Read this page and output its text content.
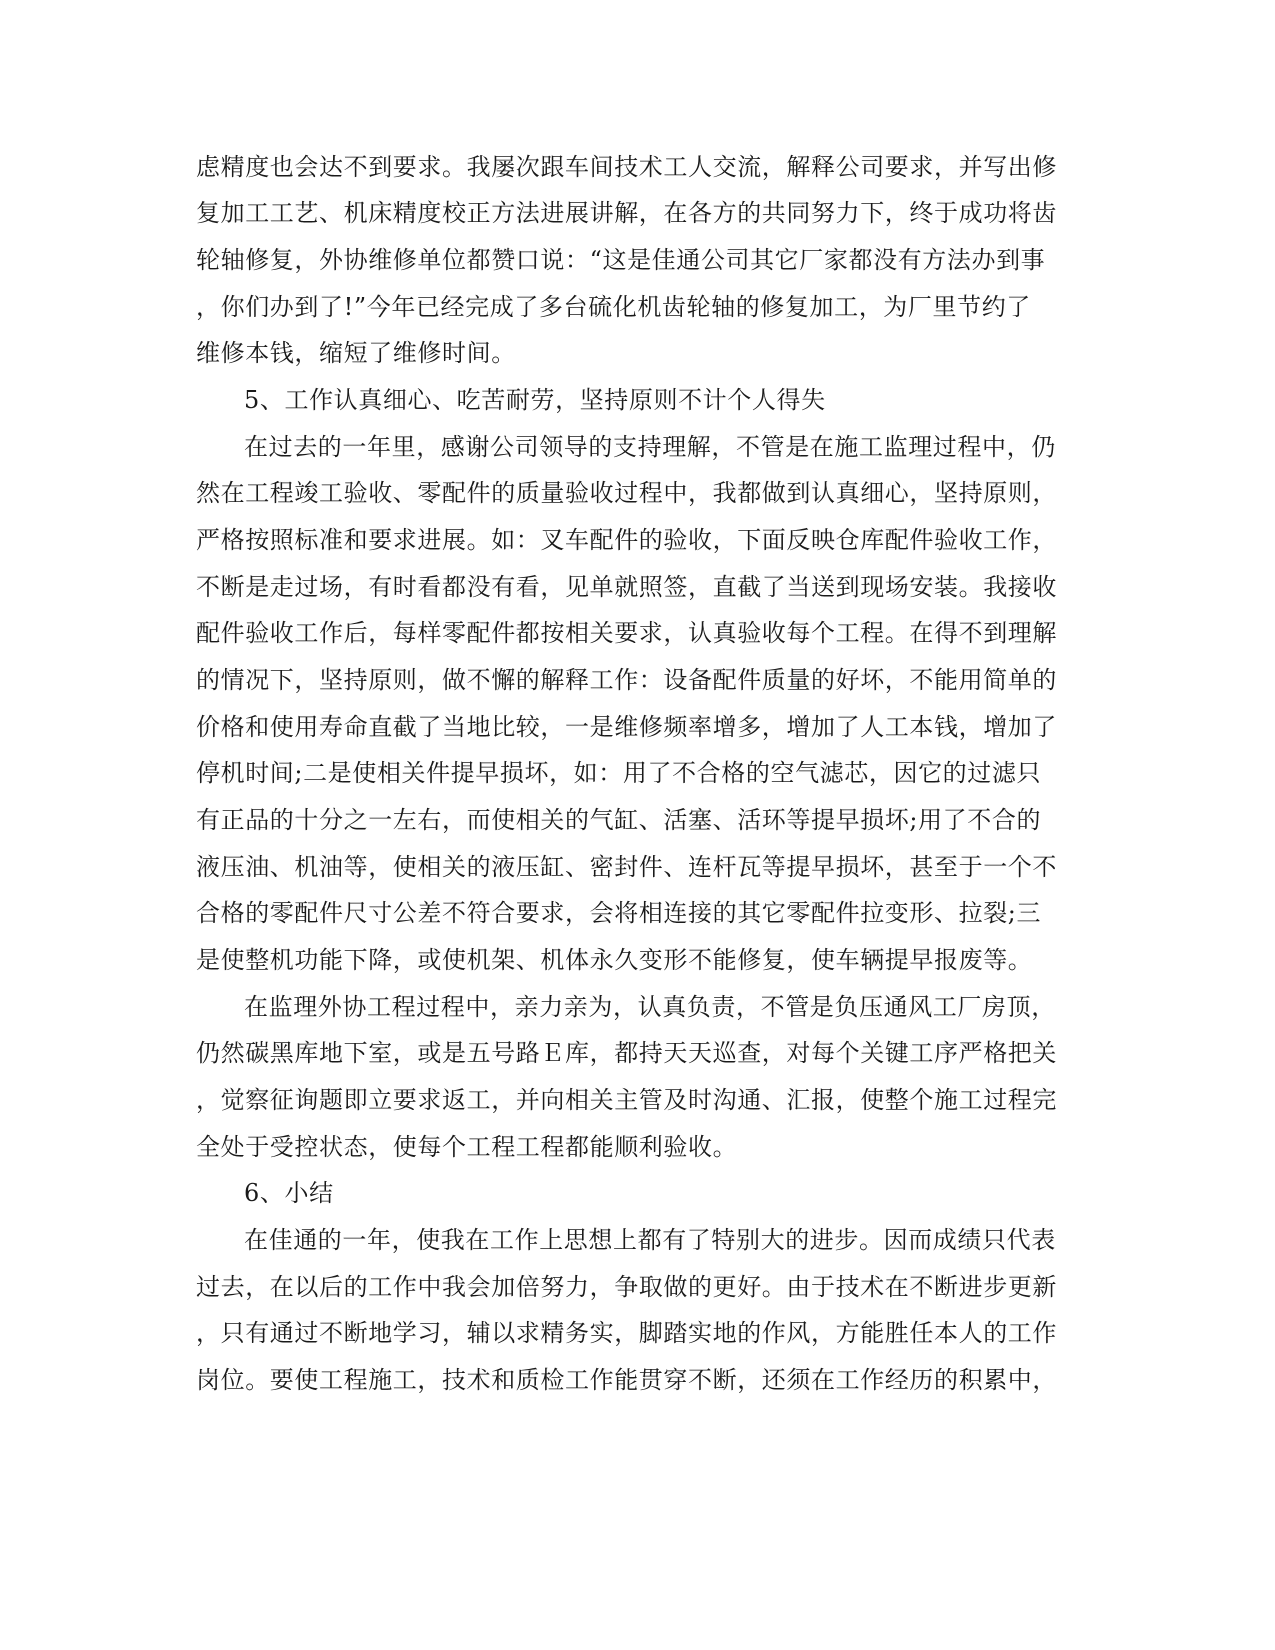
虑精度也会达不到要求。我屡次跟车间技术工人交流，解释公司要求，并写出修
复加工工艺、机床精度校正方法进展讲解，在各方的共同努力下，终于成功将齿
轮轴修复，外协维修单位都赞口说：“这是佳通公司其它厂家都没有方法办到事
，你们办到了!”今年已经完成了多台硫化机齿轮轴的修复加工，为厂里节约了
维修本钱，缩短了维修时间。
5、工作认真细心、吃苦耐劳，坚持原则不计个人得失
在过去的一年里，感谢公司领导的支持理解，不管是在施工监理过程中，仍
然在工程竣工验收、零配件的质量验收过程中，我都做到认真细心，坚持原则，
严格按照标准和要求进展。如：叉车配件的验收，下面反映仓库配件验收工作，
不断是走过场，有时看都没有看，见单就照签，直截了当送到现场安装。我接收
配件验收工作后，每样零配件都按相关要求，认真验收每个工程。在得不到理解
的情况下，坚持原则，做不懈的解释工作：设备配件质量的好坏，不能用简单的
价格和使用寿命直截了当地比较，一是维修频率增多，增加了人工本钱，增加了
停机时间;二是使相关件提早损坏，如：用了不合格的空气滤芯，因它的过滤只
有正品的十分之一左右，而使相关的气缸、活塞、活环等提早损坏;用了不合的
液压油、机油等，使相关的液压缸、密封件、连杆瓦等提早损坏，甚至于一个不
合格的零配件尺寸公差不符合要求，会将相连接的其它零配件拉变形、拉裂;三
是使整机功能下降，或使机架、机体永久变形不能修复，使车辆提早报废等。
在监理外协工程过程中，亲力亲为，认真负责，不管是负压通风工厂房顶，
仍然碳黑库地下室，或是五号路Ｅ库，都持天天巡查，对每个关键工序严格把关
，觉察征询题即立要求返工，并向相关主管及时沟通、汇报，使整个施工过程完
全处于受控状态，使每个工程工程都能顺利验收。
6、小结
在佳通的一年，使我在工作上思想上都有了特别大的进步。因而成绩只代表
过去，在以后的工作中我会加倍努力，争取做的更好。由于技术在不断进步更新
，只有通过不断地学习，辅以求精务实，脚踏实地的作风，方能胜任本人的工作
岗位。要使工程施工，技术和质检工作能贯穿不断，还须在工作经历的积累中，
